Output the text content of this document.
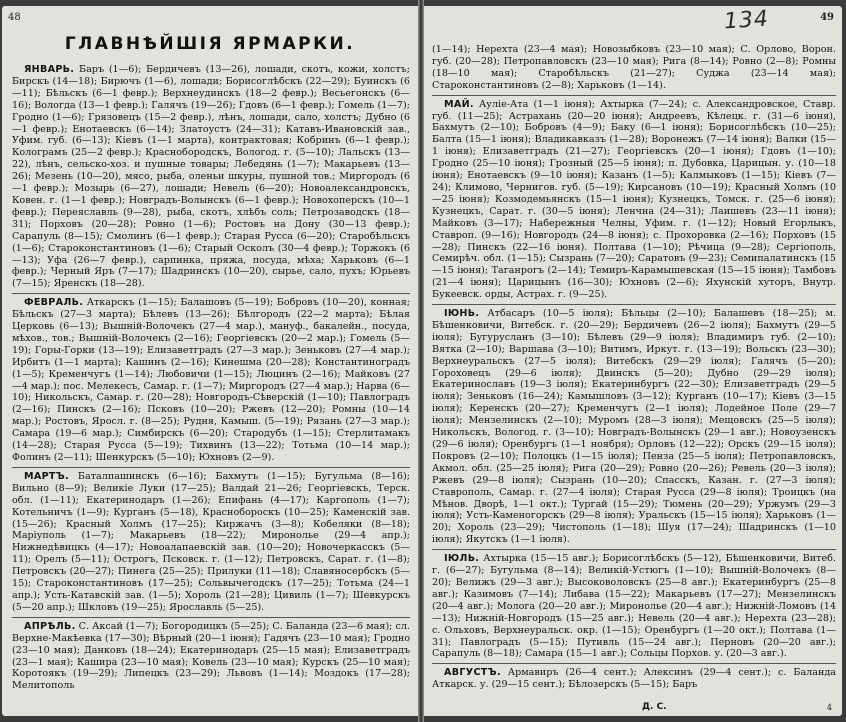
48
ГЛАВНѢЙШІЯ ЯРМАРКИ.

ЯНВАРЬ. Баръ (1—6); Бердичевъ (13—26), лошади, скотъ, кожи, холстъ; Бирскъ (14—18); Бирючъ (1—6), лошади; Борисоглѣбскъ (22—29); Буинскъ (6—11); Бѣльскъ (6—1 февр.); Верхнеудинскъ (18—2 февр.); Весьегонскъ (6—16); Вологда (13—1 февр.); Галячъ (19—26); Гдовъ (6—1 февр.); Гомель (1—7); Гродно (1—6); Грязовецъ (15—2 февр.), лѣнъ, лошади, сало, холстъ; Дубно (6—1 февр.); Енотаевскъ (6—14); Златоустъ (24—31); Катавъ-Ивановскій зав., Уфим. губ. (6—13); Кіевъ (1—1 марта), контрактовая; Кобринъ (6—1 февр.); Колограмъ (25—2 февр.); Краснобородскъ, Вологод. г. (5—10); Лальскъ (13—22), лѣнъ, сельско-хоз. и пушные товары; Лебедянь (1—7); Макарьевъ (13—26); Мезень (10—20), мясо, рыба, оленьи шкуры, пушной тов.; Миргородъ (6—1 февр.); Мозырь (6—27), лошади; Невель (6—20); Новоалександровскъ, Ковен. г. (1—1 февр.); Новградъ-Волынскъ (6—1 февр.); Новохоперскъ (10—1 февр.); Переяславль (9—28), рыба, скотъ, хлѣбъ соль; Петрозаводскъ (18—31); Порховъ (20—28); Ровно (1—6); Ростовъ на Дону (30—13 февр.); Сарапуль (8—15); Смолинъ (6—1 февр.); Старая Русса (6—20); Старобѣльскъ (1—6); Староконстантиновъ (1—6); Старый Осколъ (30—4 февр.); Торжокъ (6—13); Уфа (26—7 февр.), сарпинка, пряжа, посуда, мѣха; Харьковъ (6—1 февр.); Черный Яръ (7—17); Шадринскъ (10—20), сырье, сало, пухъ; Юрьевъ (7—15); Яренскъ (18—28).

ФЕВРАЛЬ. Аткарскъ (1—15); Балашовъ (5—19); Бобровъ (10—20), конная; Бѣльскъ (27—3 марта); Бѣлевъ (13—26); Бѣлгородъ (22—2 марта); Бѣлая Церковь (6—13); Вышній-Волочекъ (27—4 мар.), мануф., бакалейн., посуда, мѣхов., тов.; Вышній-Волочекъ (2—16); Георгіевскъ (20—2 мар.); Гомель (5—19); Горы-Горки (13—19); Елизаветградъ (27—3 мар.); Зеньковъ (27—4 мар.); Ирбитъ (1—1 марта); Кашинъ (2—16); Кинешма (20—28); Константиноградъ (1—5); Кременчугъ (1—14); Любовичи (1—15); Люцинъ (2—16); Майковъ (27—4 мар.); пос. Мелекесъ, Самар. г. (1—7); Миргородъ (27—4 мар.); Нарва (6—10); Никольскъ, Самар. г. (20—28); Новгородъ-Сѣверскій (1—10); Павлоградъ (2—16); Пинскъ (2—16); Псковъ (10—20); Ржевъ (12—20); Ромны (10—14 мар.); Ростовъ, Яросл. г. (8—25); Рудня, Камыш. (5—19); Рязань (27—3 мар.); Самара (19—6 мар.); Симбирскъ (6—20); Стародубъ (1—15); Стерлитамакъ (14—28); Старая Русса (5—19); Тихвинъ (13—22); Тотьма (10—14 мар.); Фолинъ (2—11); Шенкурскъ (5—10); Юхновъ (2—9).

МАРТЪ. Баталпашинскъ (6—16); Бахмутъ (1—15); Бугульма (8—16); Вильно (8—9); Великіе Луки (17—25); Валдай 21—26; Георгіевскъ, Терск. обл. (1—11); Екатеринодаръ (1—26); Епифань (4—17); Каргополь (1—7); Котельничъ (1—9); Курганъ (5—18), Краснобороскъ (10—25); Каменскій зав. (15—26); Красный Холмъ (17—25); Киржачъ (3—8); Кобеляки (8—18); Маріуполь (1—7); Макарьевъ (18—22); Миронолье (29—4 апр.); Нижнедѣвицкъ (4—17); Новоалапаевскій зав. (10—20); Новочеркасскъ (5—11); Орелъ (5—11); Острогъ, Псковск. г. (1—12); Петровскъ, Сарат. г. (1—8); Петровскъ (20—27); Пинега (25—25); Прилуки (11—18); Славяносербскъ (5—15); Староконстантиновъ (17—25); Сольвычегодскъ (17—25); Тотьма (24—1 апр.); Усть-Катавскій зав. (1—5); Хороль (21—28); Цивиль (1—7); Шевкурскъ (5—20 апр.); Шкловъ (19—25); Ярославль (5—25).

АПРѢЛЬ. С. Аксай (1—7); Богородицкъ (5—25); С. Баланда (23—6 мая); сл. Верхне-Макѣевка (17—30); Вѣрный (20—1 іюня); Гадячъ (23—10 мая); Гродно (23—10 мая); Данковъ (18—24); Екатеринодаръ (25—15 мая); Елизаветградъ (23—1 мая); Кашира (23—10 мая); Ковель (23—10 мая); Курскъ (25—10 мая); Коротоякъ (19—29); Липецкъ (23—29); Львовъ (1—14); Моздокъ (17—28); Мелитополь

134	49

(1—14); Нерехта (23—4 мая); Новозыбковъ (23—10 мая); С. Орлово, Ворон. губ. (20—28); Петропавловскъ (23—10 мая); Рига (8—14); Ровно (2—8); Ромны (18—10 мая); Старобѣльскъ (21—27); Суджа (23—14 мая); Староконстантиновъ (2—8); Харьковъ (1—14).

МАЙ. Аулiе-Ата (1—1 іюня); Ахтырка (7—24); с. Александровское, Ставр. губ. (11—25); Астрахань (20—20 іюня); Андреевъ, Кѣлецк. г. (31—6 іюня), Бахмутъ (2—10); Бобровъ (4—9); Баку (6—1 іюня); Борисоглѣбскъ (10—25); Балта (15—1 іюня); Владикавказъ (1—28); Воронежъ (7—14 іюня); Валки (15—1 іюня); Елизаветградъ (21—27); Георгіевскъ (20—1 іюня); Гдовъ (1—10); Гродно (25—10 іюня); Грозный (25—5 іюня); п. Дубовка, Царицын. у. (10—18 іюня); Енотаевскъ (9—10 іюня); Казанъ (1—5); Калмыковъ (1—15); Кіевъ (7—24); Климово, Чернигов. губ. (5—19); Кирсановъ (10—19); Красный Холмъ (10—25 іюня); Козмодемьянскъ (15—1 іюня); Кузнецкъ, Томск. г. (25—6 іюня); Кузнецкъ, Сарат. г. (30—5 іюня); Ленчна (24—31); Лаишевъ (23—11 іюня); Майковъ (3—17); Набережныя Челны, Уфим. г. (1—12); Новый Егорлыкъ, Ставроп. (9—16); Новгородъ (24—8 іюня); с. Прохоровка (2—16); Порховъ (15—28); Пинскъ (22—16 іюня). Полтава (1—10); Рѣчица (9—28); Сергіополь, Семирѣч. обл. (1—15); Сызрань (7—20); Саратовъ (9—23); Семипалатинскъ (15—15 іюня); Таганрогъ (2—14); Темиръ-Карамышевская (15—15 іюня); Тамбовъ (21—4 іюня); Царицынъ (16—30); Юхновъ (2—6); Яхунскій хуторъ, Внутр. Букеевск. орды, Астрах. г. (9—25).

ІЮНЬ. Атбасаръ (10—5 іюля); Бѣльцы (2—10); Балашевъ (18—25); м. Бѣшенковичи, Витебск. г. (20—29); Бердичевъ (26—2 іюля); Бахмутъ (29—5 іюля); Бугурусланъ (3—10); Бѣлевъ (29—9 іюля); Владимиръ губ. (2—10); Вятка (2—10); Варшава (3—10); Витимъ, Иркут. г. (13—19); Вольскъ (23—30); Верхнеуральскъ (27—5 іюля); Витебскъ (29—29 іюля); Галячъ (5—20); Гороховецъ (29—6 іюля); Двинскъ (5—20); Дубно (29—29 іюля); Екатеринославъ (19—3 іюля); Екатеринбургъ (22—30); Елизаветградъ (29—5 іюля); Зеньковъ (16—24); Камышловъ (3—12); Курганъ (10—17); Кіевъ (3—15 іюля); Керенскъ (20—27); Кременчугъ (2—1 іюля); Лодейное Поле (29—7 іюля); Мензелинскъ (2—10); Муромъ (28—3 іюля); Мещовскъ (25—5 іюля); Никольскъ, Вологод. г. (3—10); Новградъ-Волынскъ (29—1 авг.); Новоузенскъ (29—6 іюля); Оренбургъ (1—1 ноября); Орловъ (12—22); Орскъ (29—15 іюля); Покровъ (2—10); Полоцкъ (1—15 іюля); Пенза (25—5 іюля); Петропавловскъ, Акмол. обл. (25—25 іюля); Рига (20—29); Ровно (20—26); Ревель (20—3 іюля); Ржевъ (29—8 іюля); Сызрань (10—20); Спасскъ, Казан. г. (27—3 іюля); Ставрополь, Самар. г. (27—4 іюля); Старая Русса (29—8 іюля); Троицкъ (на Мѣнов. Дворѣ, 1—1 окт.); Тургай (15—29); Тюмень (20—29); Уржумъ (29—3 іюля); Усть-Каменогорскъ (29—8 іюля); Уральскъ (15—15 іюля); Харьковъ (1—20); Хороль (23—29); Чистополь (1—18); Шуя (17—24); Шадринскъ (1—10 іюля); Якутскъ (1—1 іюля).

ІЮЛЬ. Ахтырка (15—15 авг.); Борисоглѣбскъ (5—12), Бѣшенковичи, Витеб. г. (6—27); Бугульма (8—14); Великій-Устюгъ (1—10); Вышній-Волочекъ (8—20); Велижъ (29—3 авг.); Высоковоловскъ (25—8 авг.); Екатеринбургъ (25—8 авг.); Казимовъ (7—14); Либава (15—22); Макарьевъ (17—27); Мензелинскъ (20—4 авг.); Молога (20—20 авг.); Миронолье (20—4 авг.); Нижній-Ломовъ (14—13); Нижній-Новгородъ (15—25 авг.); Невель (20—4 авг.); Нерехта (23—28); с. Ольховъ, Верхнеуральск. окр. (1—15); Оренбургъ (1—20 окт.); Полтава (1—31); Павлоградъ (5—15); Путивль (15—24 авг.); Перновъ (20—20 авг.); Сарапуль (8—18); Самара (15—1 авг.); Сольцы Порхов. у. (20—3 авг.).

АВГУСТЪ. Армавиръ (26—4 сент.); Алексинъ (29—4 сент.); с. Баланда Аткарск. у. (29—15 сент.); Бѣлозерскъ (5—15); Баръ

Д. С.	4
